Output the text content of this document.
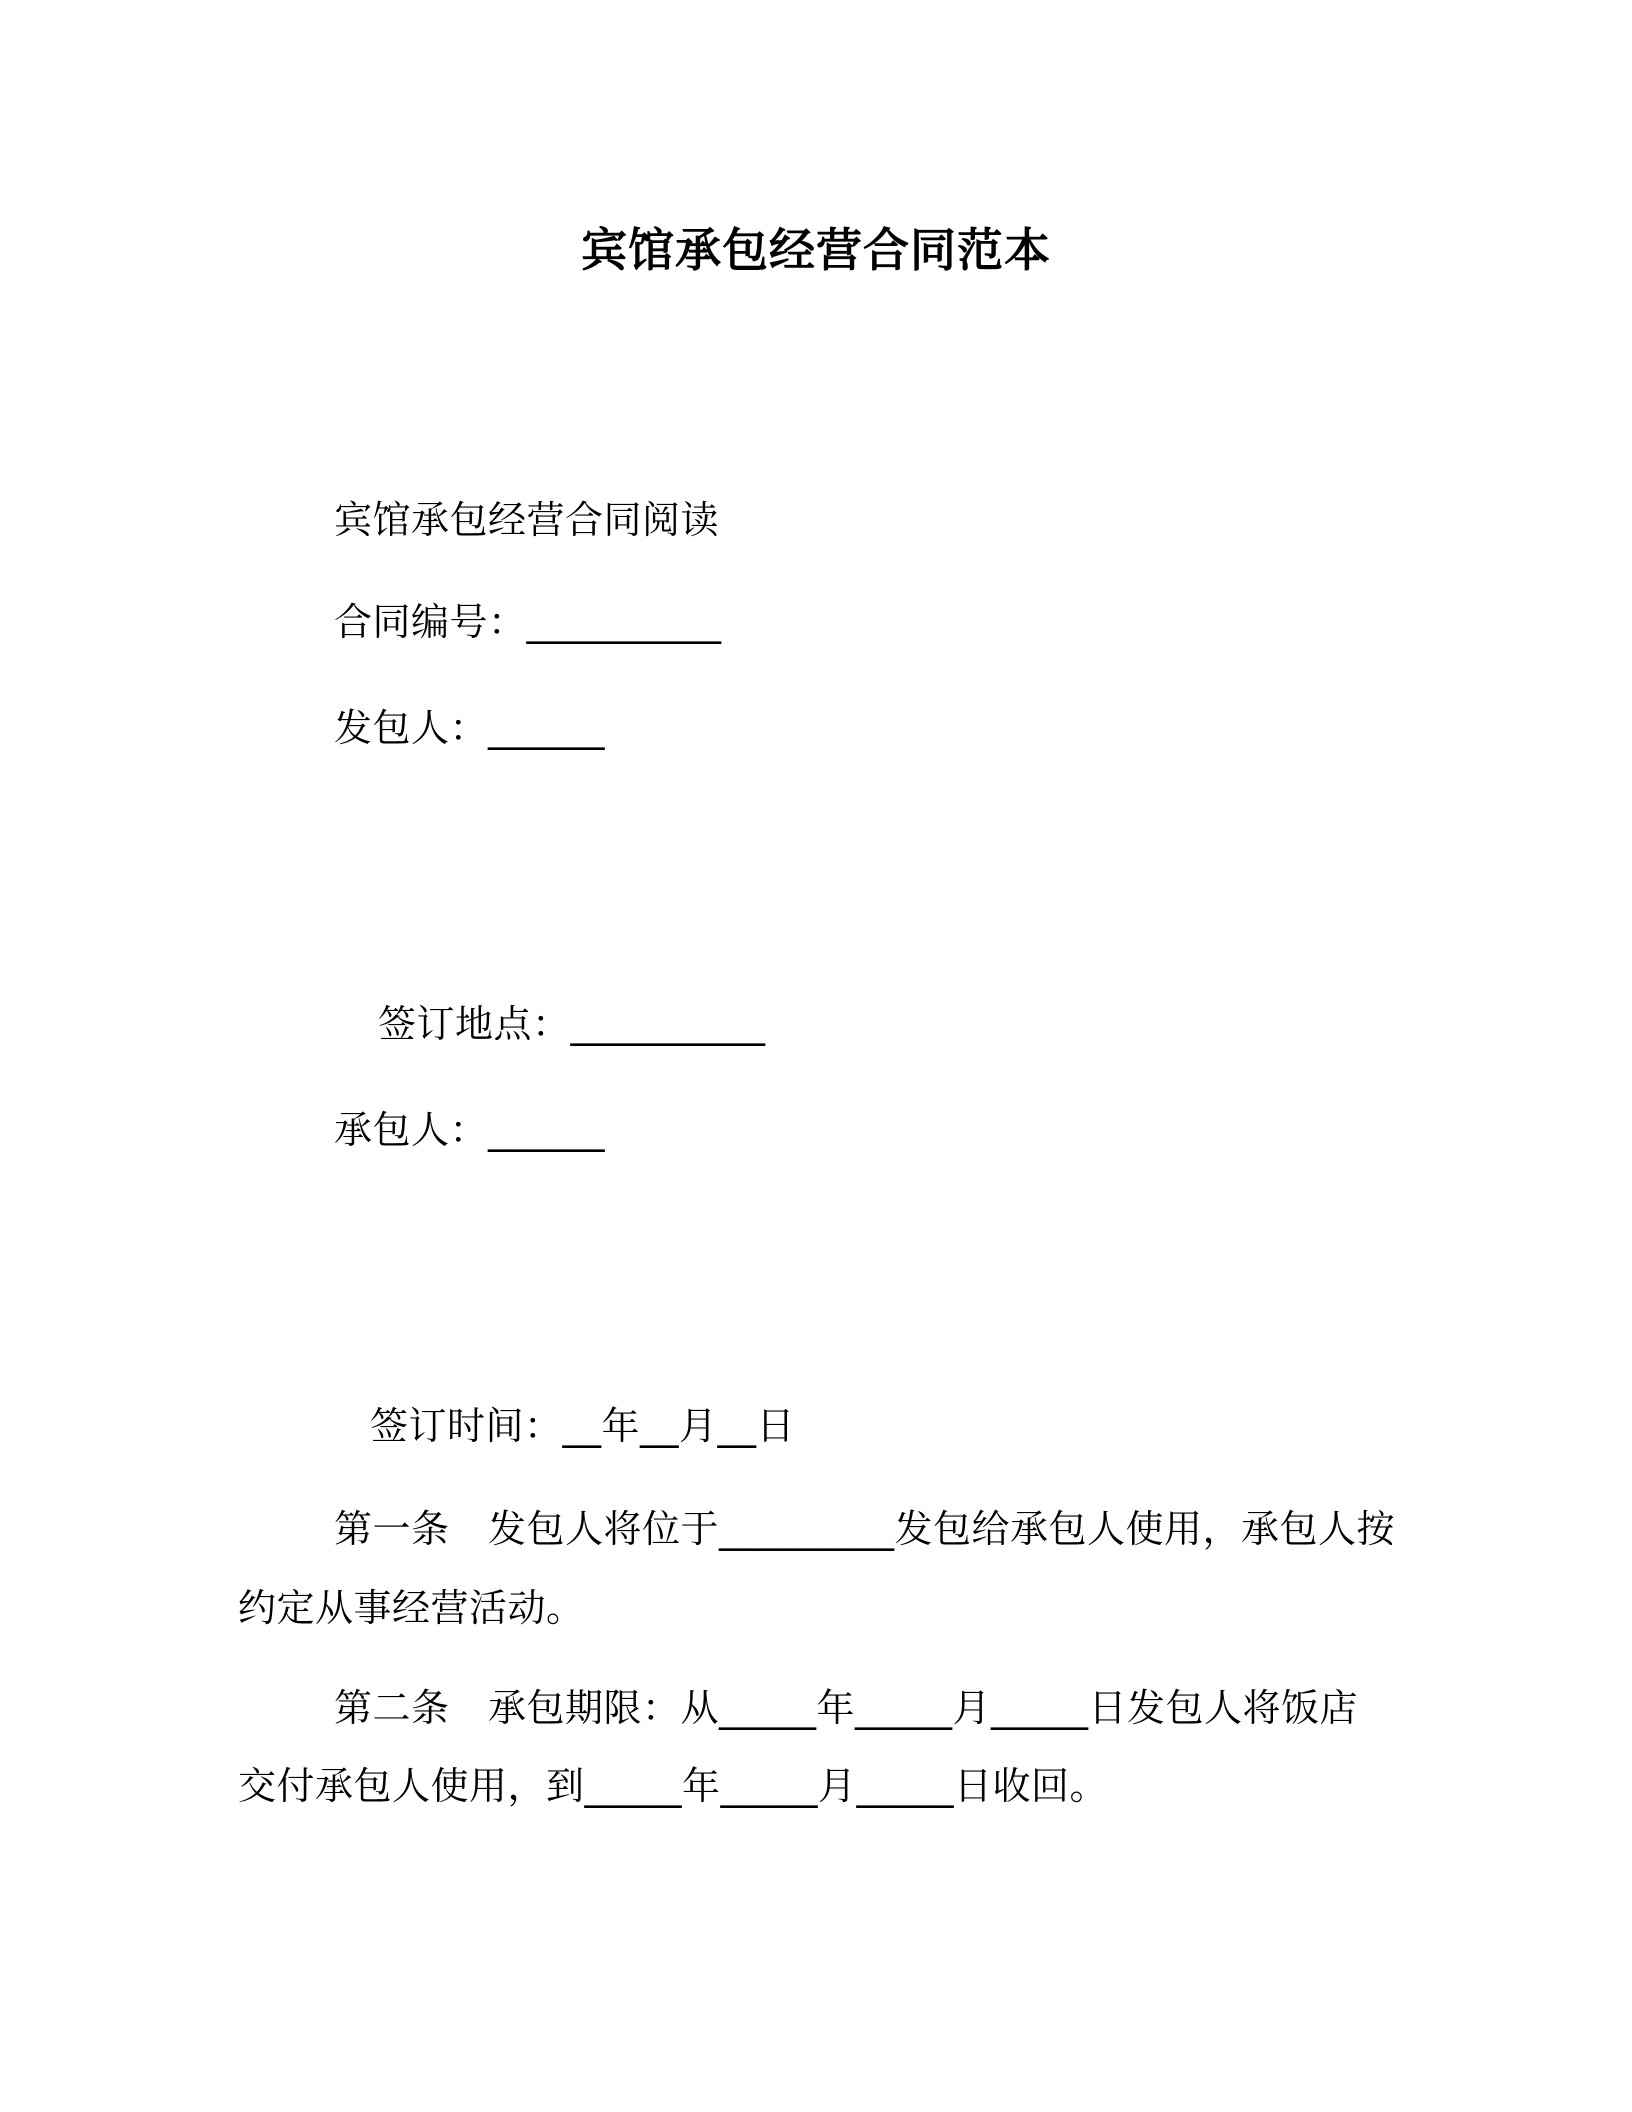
宾馆承包经营合同范本
宾馆承包经营合同阅读
合同编号：__________
发包人：______
签订地点：__________
承包人：______
签订时间：__年__月__日
第一条　发包人将位于_________发包给承包人使用，承包人按
约定从事经营活动。
第二条　承包期限：从_____年_____月_____日发包人将饭店
交付承包人使用，到_____年_____月_____日收回。
